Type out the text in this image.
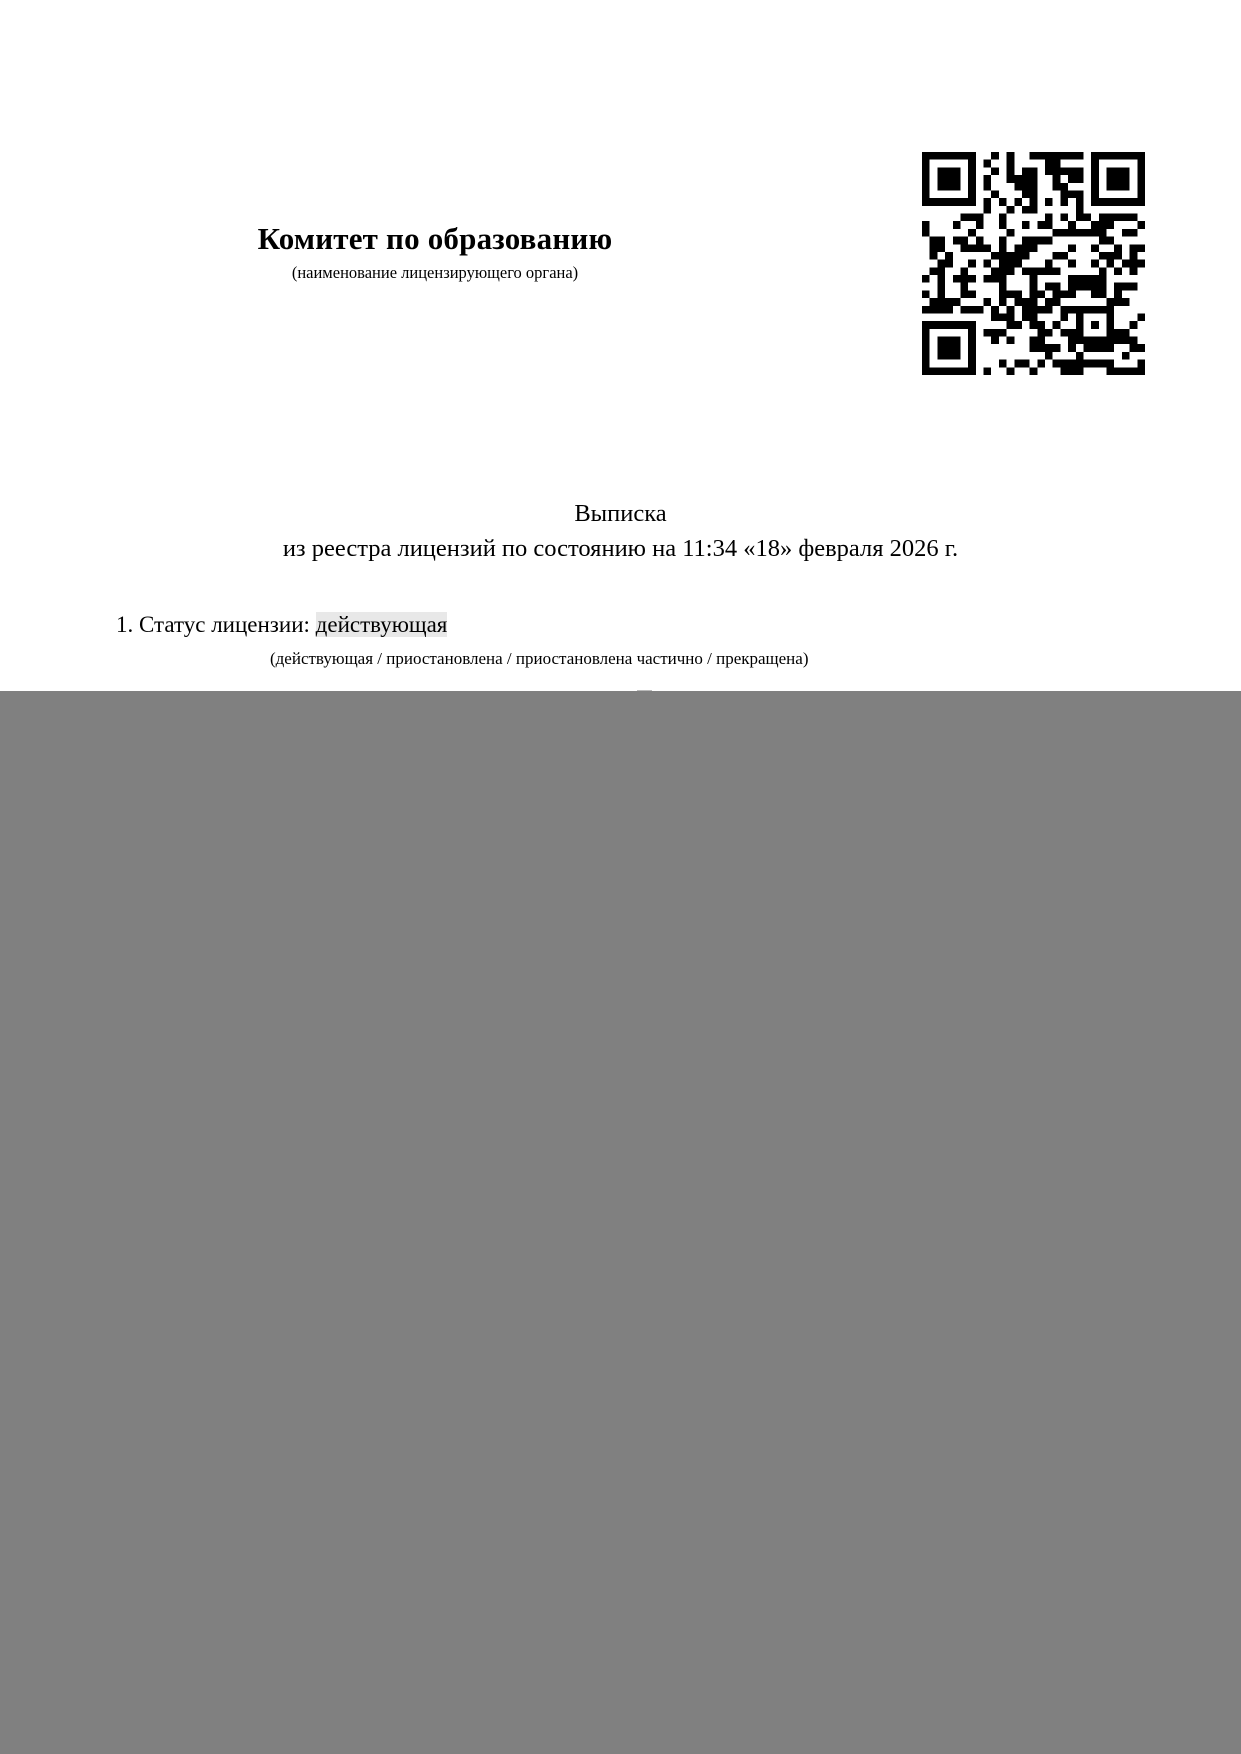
Комитет по образованию
(наименование лицензирующего органа)
Выписка
из реестра лицензий по состоянию на 11:34 «18» февраля 2026 г.
1. Статус лицензии: действующая
(действующая / приостановлена / приостановлена частично / прекращена)
